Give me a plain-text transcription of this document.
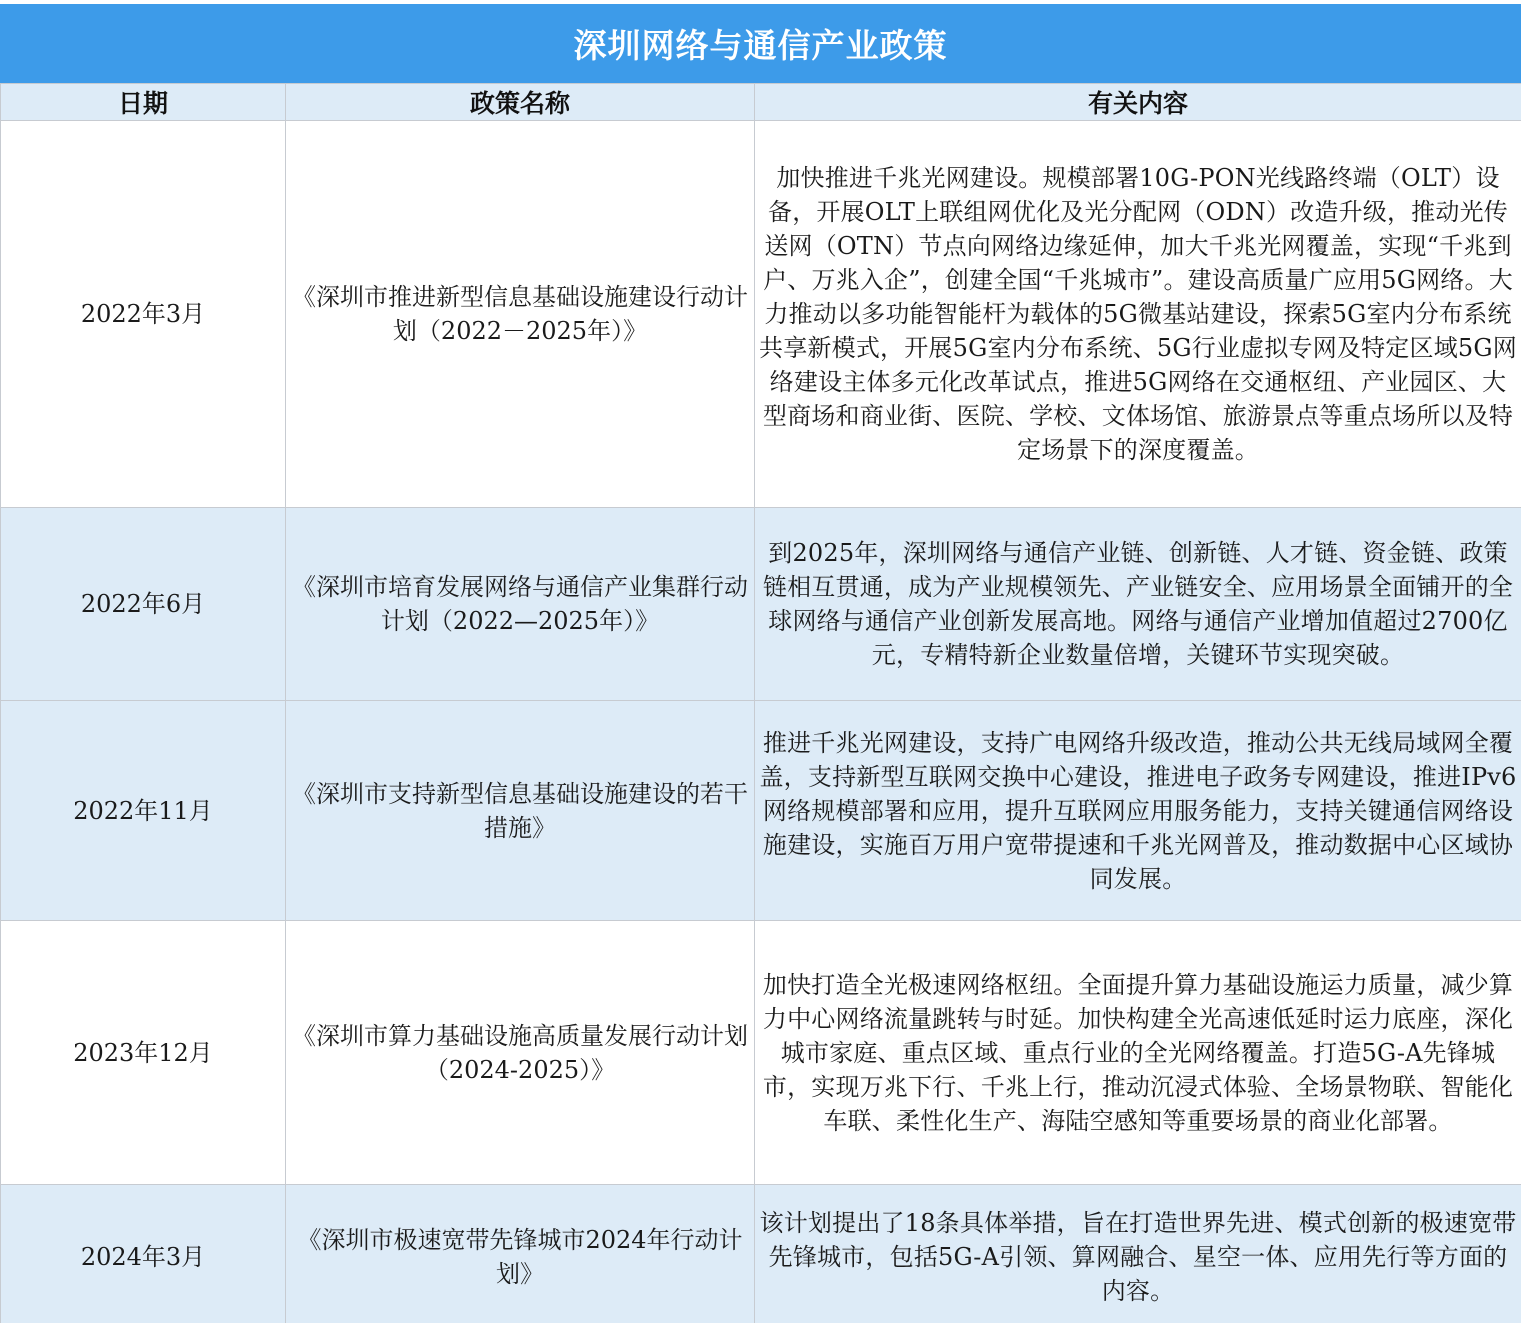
深圳网络与通信产业政策
日期	政策名称	有关内容
2022年3月	《深圳市推进新型信息基础设施建设行动计划（2022－2025年）》	加快推进千兆光网建设。规模部署10G-PON光线路终端（OLT）设备，开展OLT上联组网优化及光分配网（ODN）改造升级，推动光传送网（OTN）节点向网络边缘延伸，加大千兆光网覆盖，实现“千兆到户、万兆入企”，创建全国“千兆城市”。建设高质量广应用5G网络。大力推动以多功能智能杆为载体的5G微基站建设，探索5G室内分布系统共享新模式，开展5G室内分布系统、5G行业虚拟专网及特定区域5G网络建设主体多元化改革试点，推进5G网络在交通枢纽、产业园区、大型商场和商业街、医院、学校、文体场馆、旅游景点等重点场所以及特定场景下的深度覆盖。
2022年6月	《深圳市培育发展网络与通信产业集群行动计划（2022—2025年）》	到2025年，深圳网络与通信产业链、创新链、人才链、资金链、政策链相互贯通，成为产业规模领先、产业链安全、应用场景全面铺开的全球网络与通信产业创新发展高地。网络与通信产业增加值超过2700亿元，专精特新企业数量倍增，关键环节实现突破。
2022年11月	《深圳市支持新型信息基础设施建设的若干措施》	推进千兆光网建设，支持广电网络升级改造，推动公共无线局域网全覆盖，支持新型互联网交换中心建设，推进电子政务专网建设，推进IPv6网络规模部署和应用，提升互联网应用服务能力，支持关键通信网络设施建设，实施百万用户宽带提速和千兆光网普及，推动数据中心区域协同发展。
2023年12月	《深圳市算力基础设施高质量发展行动计划（2024-2025）》	加快打造全光极速网络枢纽。全面提升算力基础设施运力质量，减少算力中心网络流量跳转与时延。加快构建全光高速低延时运力底座，深化城市家庭、重点区域、重点行业的全光网络覆盖。打造5G-A先锋城市，实现万兆下行、千兆上行，推动沉浸式体验、全场景物联、智能化车联、柔性化生产、海陆空感知等重要场景的商业化部署。
2024年3月	《深圳市极速宽带先锋城市2024年行动计划》	该计划提出了18条具体举措，旨在打造世界先进、模式创新的极速宽带先锋城市，包括5G-A引领、算网融合、星空一体、应用先行等方面的内容。
